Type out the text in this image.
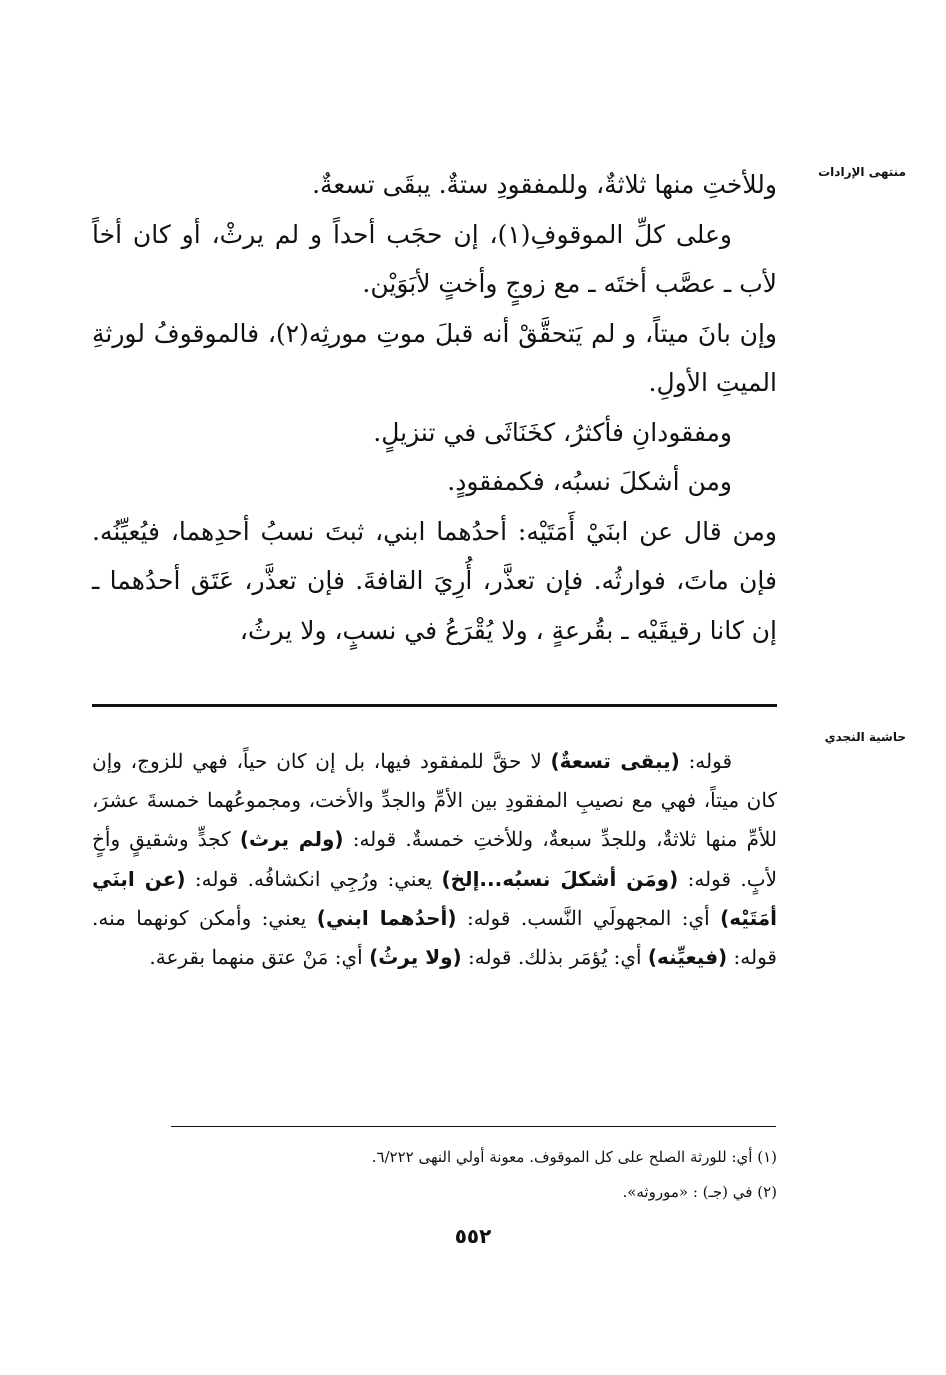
منتهى الإرادات
حاشية النجدي

وللأختِ منها ثلاثةٌ، وللمفقودِ ستةٌ. يبقَى تسعةٌ.

وعلى كلِّ الموقوفِ(١)، إن حجَب أحداً و لم يرثْ، أو كان أخاً لأب ـ عصَّب أختَه ـ مع زوجٍ وأختٍ لأبَوَيْن.

وإن بانَ ميتاً، و لم يَتحقَّقْ أنه قبلَ موتِ مورثِه(٢)، فالموقوفُ لورثةِ الميتِ الأولِ.

ومفقودانِ فأكثرُ، كخَنَاثَى في تنزيلٍ.

ومن أشكلَ نسبُه، فكمفقودٍ.

ومن قال عن ابنَيْ أَمَتَيْه: أحدُهما ابني، ثبتَ نسبُ أحدِهما، فيُعيِّنُه. فإن ماتَ، فوارثُه. فإن تعذَّر، أُرِيَ القافةَ. فإن تعذَّر، عَتَق أحدُهما ـ إن كانا رقيقَيْه ـ بقُرعةٍ ، ولا يُقْرَعُ في نسبٍ، ولا يرثُ،

قوله: (يبقى تسعةٌ) لا حقَّ للمفقود فيها، بل إن كان حياً، فهي للزوج، وإن كان ميتاً، فهي مع نصيبِ المفقودِ بين الأمِّ والجدِّ والأخت، ومجموعُهما خمسةَ عشرَ، للأمِّ منها ثلاثةٌ، وللجدِّ سبعةٌ، وللأختِ خمسةٌ. قوله: (ولم يرث) كجدٍّ وشقيقٍ وأخٍ لأبٍ. قوله: (ومَن أشكلَ نسبُه...إلخ) يعني: ورُجِي انكشافُه. قوله: (عن ابنَي أمَتَيْه) أي: المجهولَي النَّسب. قوله: (أحدُهما ابني) يعني: وأمكن كونهما منه. قوله: (فيعيِّنه) أي: يُؤمَر بذلك. قوله: (ولا يرثُ) أي: مَنْ عتق منهما بقرعة.

(١) أي: للورثة الصلح على كل الموقوف. معونة أولي النهى ٦/٢٢٢.

(٢) في (جـ) : «موروثه».

٥٥٢
